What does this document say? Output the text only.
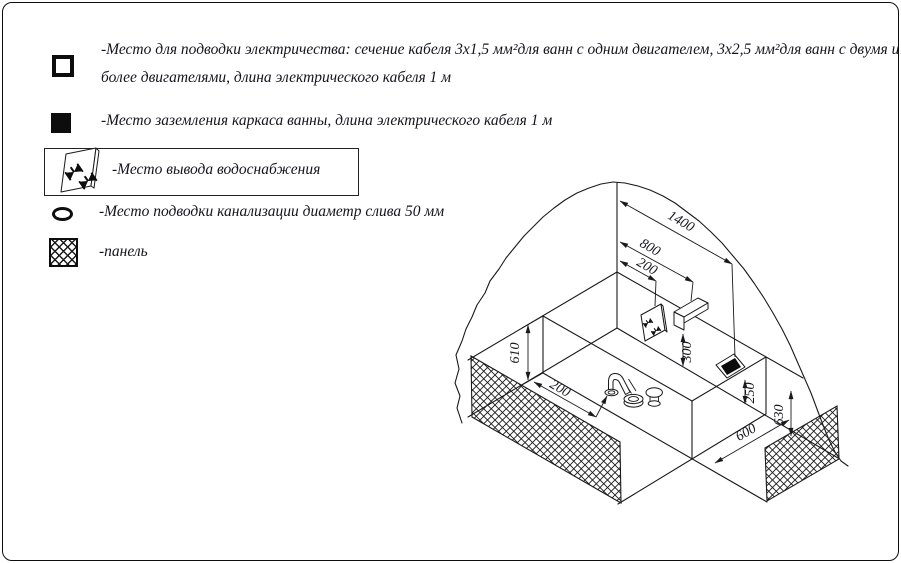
-Место для подводки электричества: сечение кабеля 3х1,5 мм²для ванн с одним двигателем, 3х2,5 мм²для ванн с двумя и
более двигателями, длина электрического кабеля 1 м
-Место заземления каркаса ванны, длина электрического кабеля 1 м
-Место вывода водоснабжения
-Место подводки канализации диаметр слива 50 мм
-панель
1400
800
200
610
200
300
250
630
600
